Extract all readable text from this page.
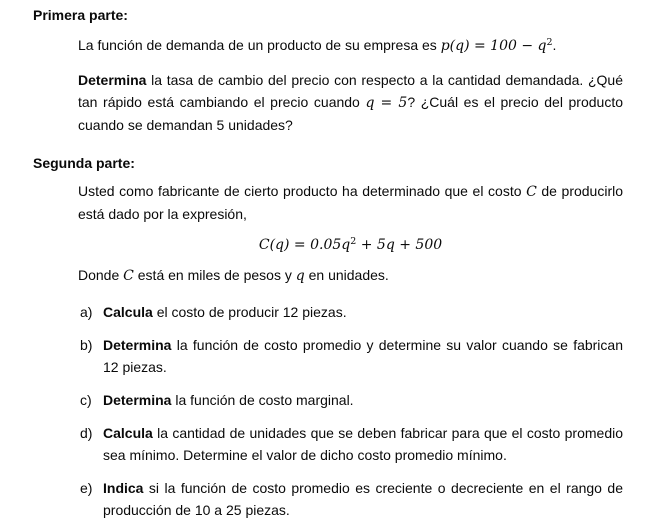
Primera parte:

La función de demanda de un producto de su empresa es $p(q) = 100 - q^2$.

Determina la tasa de cambio del precio con respecto a la cantidad demandada. ¿Qué tan rápido está cambiando el precio cuando q = 5? ¿Cuál es el precio del producto cuando se demandan 5 unidades?

Segunda parte:

Usted como fabricante de cierto producto ha determinado que el costo C de producirlo está dado por la expresión,

$C(q) = 0.05q^2 + 5q + 500$

Donde C está en miles de pesos y q en unidades.

a) Calcula el costo de producir 12 piezas.
b) Determina la función de costo promedio y determine su valor cuando se fabrican 12 piezas.
c) Determina la función de costo marginal.
d) Calcula la cantidad de unidades que se deben fabricar para que el costo promedio sea mínimo. Determine el valor de dicho costo promedio mínimo.
e) Indica si la función de costo promedio es creciente o decreciente en el rango de producción de 10 a 25 piezas.
